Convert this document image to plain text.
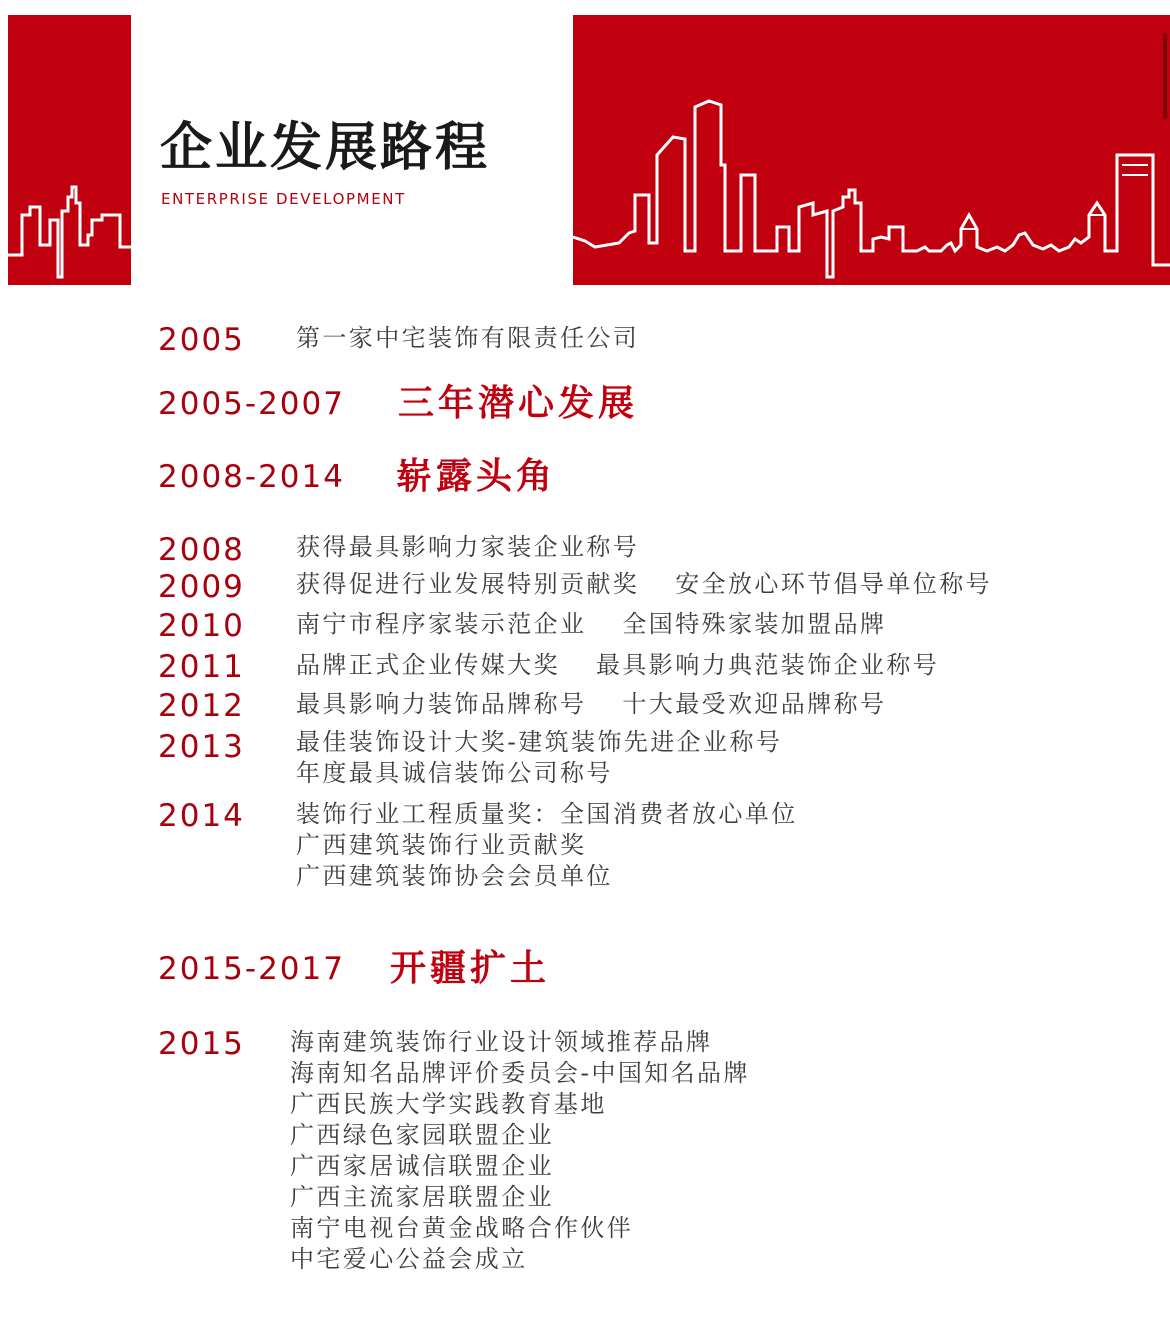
企业发展路程
ENTERPRISE DEVELOPMENT
2005 第一家中宅装饰有限责任公司
2005-2007 三年潜心发展
2008-2014 崭露头角
2008 获得最具影响力家装企业称号
2009 获得促进行业发展特别贡献奖 安全放心环节倡导单位称号
2010 南宁市程序家装示范企业 全国特殊家装加盟品牌
2011 品牌正式企业传媒大奖 最具影响力典范装饰企业称号
2012 最具影响力装饰品牌称号 十大最受欢迎品牌称号
2013 最佳装饰设计大奖-建筑装饰先进企业称号
年度最具诚信装饰公司称号
2014 装饰行业工程质量奖：全国消费者放心单位
广西建筑装饰行业贡献奖
广西建筑装饰协会会员单位
2015-2017 开疆扩土
2015 海南建筑装饰行业设计领域推荐品牌
海南知名品牌评价委员会-中国知名品牌
广西民族大学实践教育基地
广西绿色家园联盟企业
广西家居诚信联盟企业
广西主流家居联盟企业
南宁电视台黄金战略合作伙伴
中宅爱心公益会成立
